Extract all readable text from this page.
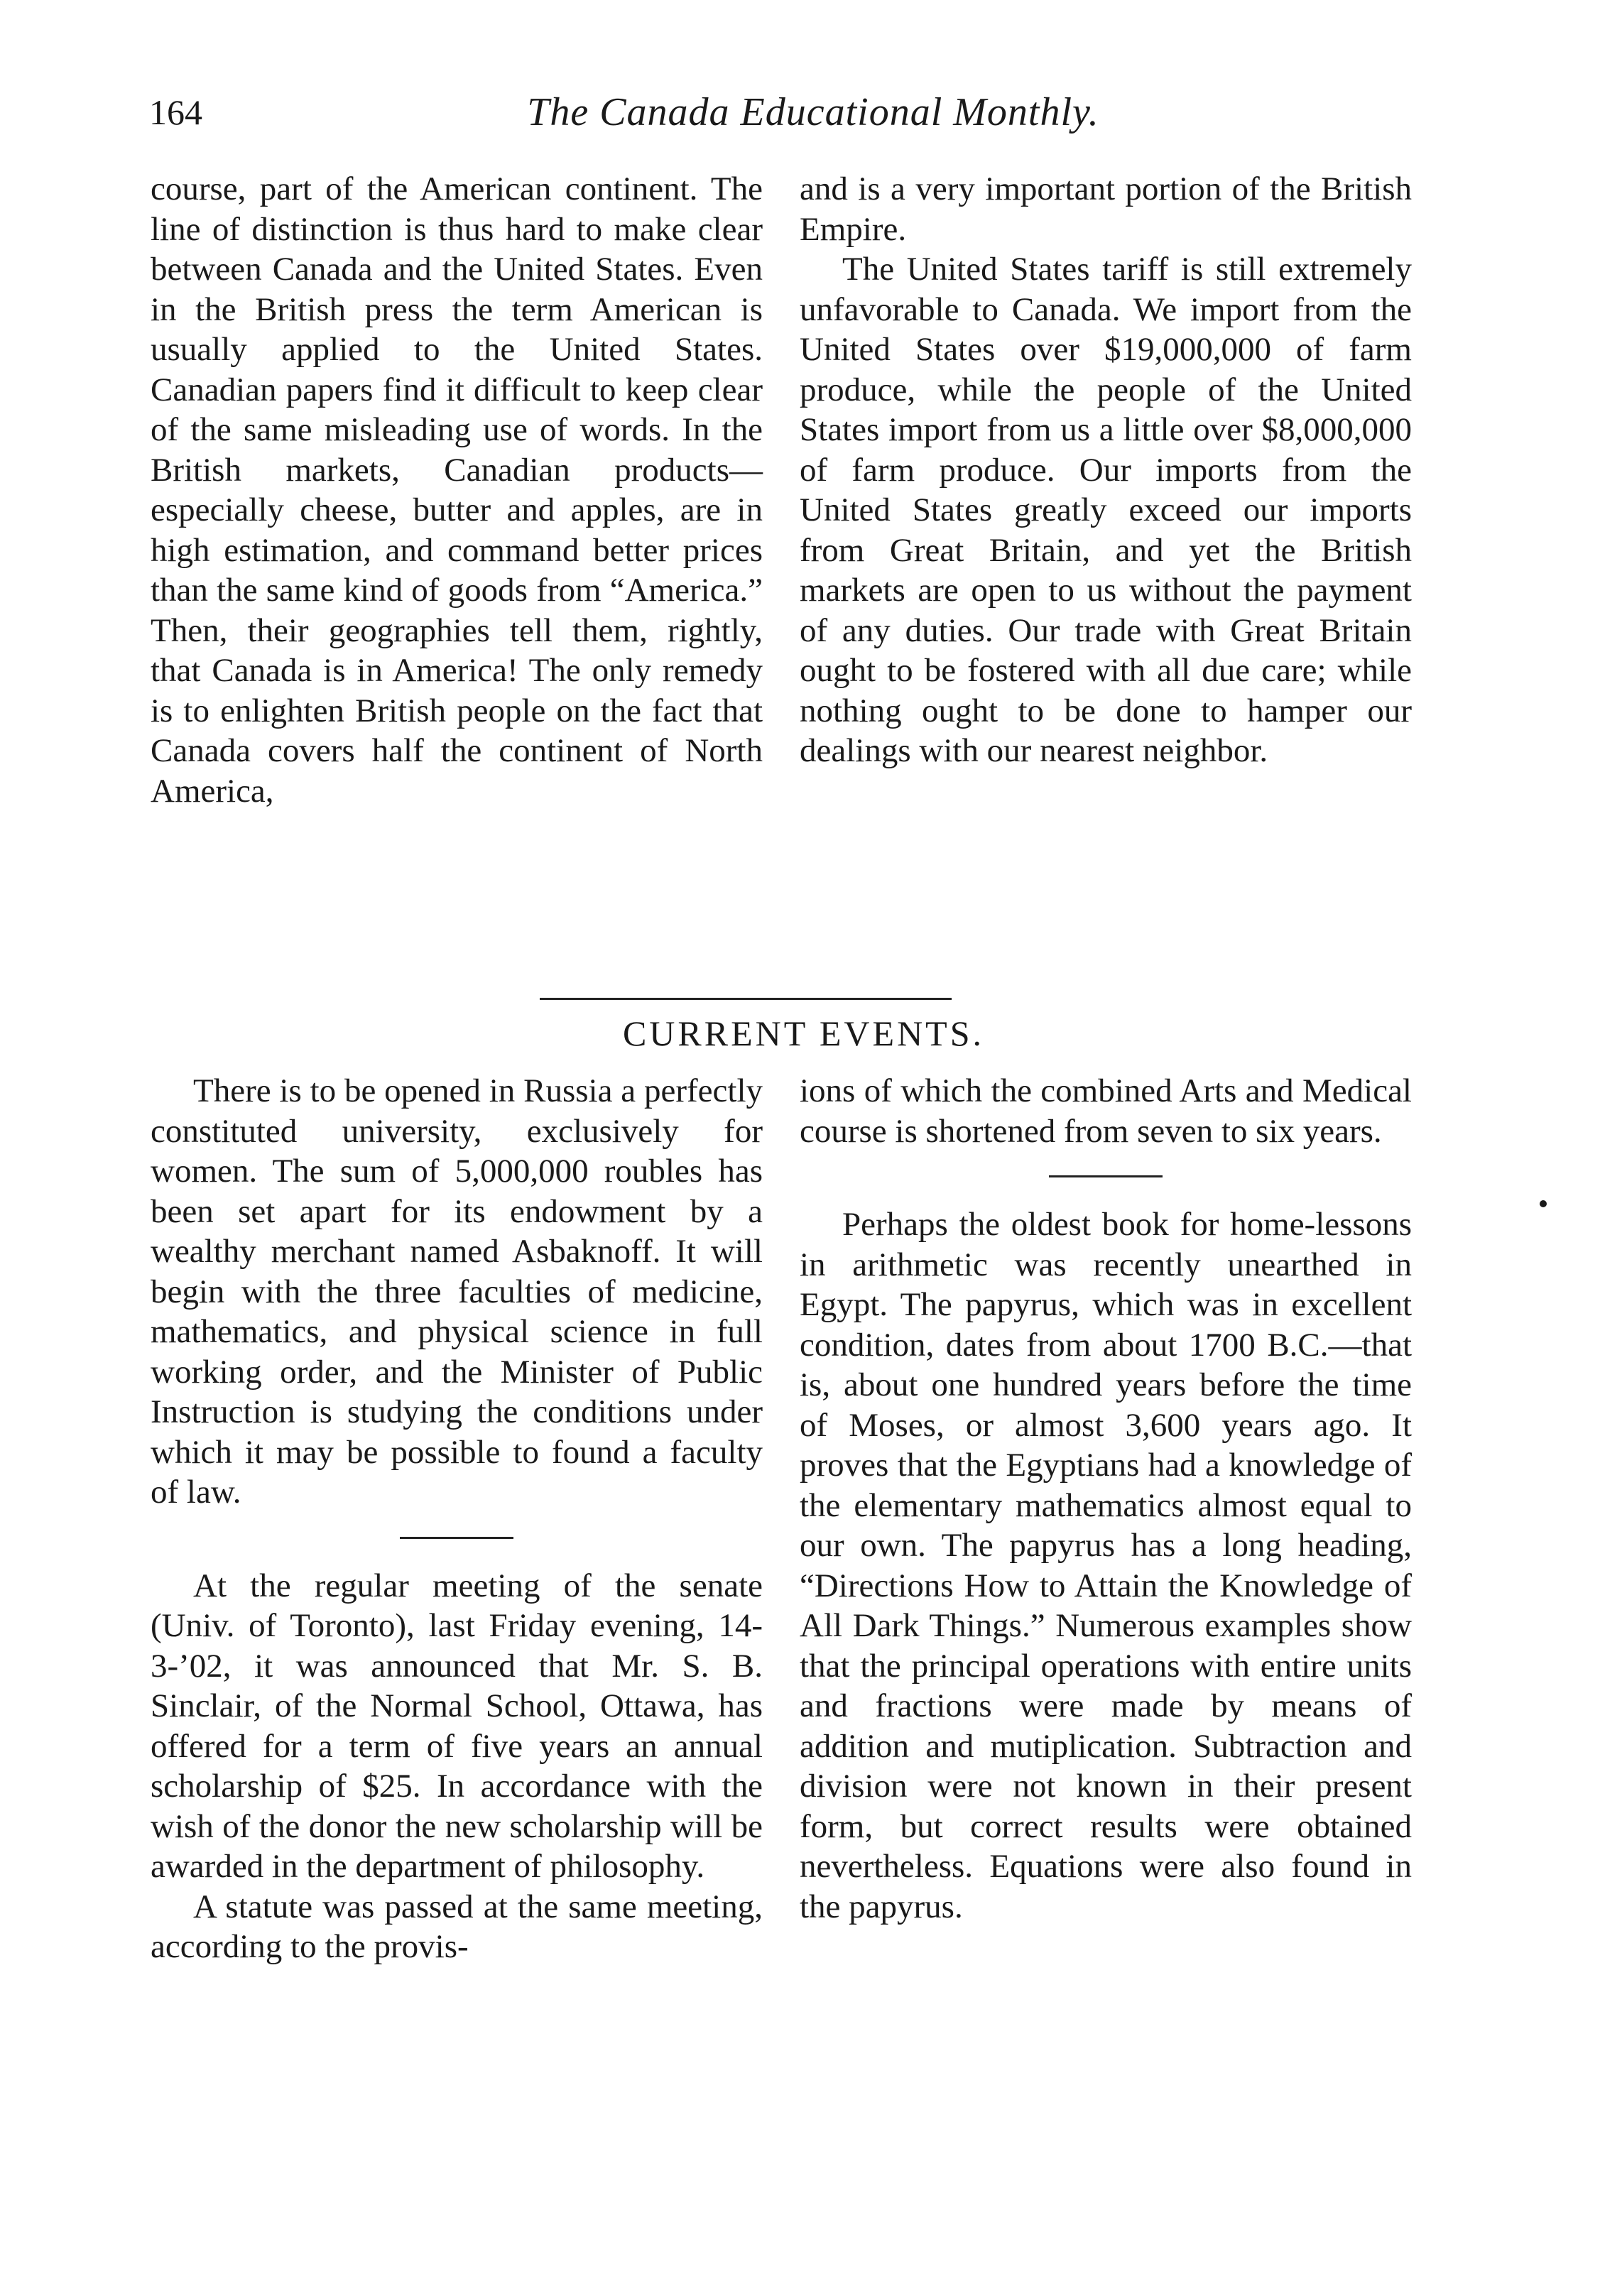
164	The Canada Educational Monthly.

course, part of the American continent. The line of distinction is thus hard to make clear between Canada and the United States. Even in the British press the term American is usually applied to the United States. Canadian papers find it difficult to keep clear of the same misleading use of words. In the British markets, Canadian products—especially cheese, butter and apples, are in high estimation, and command better prices than the same kind of goods from “America.” Then, their geographies tell them, rightly, that Canada is in America! The only remedy is to enlighten British people on the fact that Canada covers half the continent of North America,

and is a very important portion of the British Empire.

The United States tariff is still extremely unfavorable to Canada. We import from the United States over $19,000,000 of farm produce, while the people of the United States import from us a little over $8,000,000 of farm produce. Our imports from the United States greatly exceed our imports from Great Britain, and yet the British markets are open to us without the payment of any duties. Our trade with Great Britain ought to be fostered with all due care; while nothing ought to be done to hamper our dealings with our nearest neighbor.

CURRENT EVENTS.

There is to be opened in Russia a perfectly constituted university, exclusively for women. The sum of 5,000,000 roubles has been set apart for its endowment by a wealthy merchant named Asbaknoff. It will begin with the three faculties of medicine, mathematics, and physical science in full working order, and the Minister of Public Instruction is studying the conditions under which it may be possible to found a faculty of law.

At the regular meeting of the senate (Univ. of Toronto), last Friday evening, 14-3-’02, it was announced that Mr. S. B. Sinclair, of the Normal School, Ottawa, has offered for a term of five years an annual scholarship of $25. In accordance with the wish of the donor the new scholarship will be awarded in the department of philosophy.

A statute was passed at the same meeting, according to the provis-

ions of which the combined Arts and Medical course is shortened from seven to six years.

Perhaps the oldest book for home-lessons in arithmetic was recently unearthed in Egypt. The papyrus, which was in excellent condition, dates from about 1700 B.C.—that is, about one hundred years before the time of Moses, or almost 3,600 years ago. It proves that the Egyptians had a knowledge of the elementary mathematics almost equal to our own. The papyrus has a long heading, “Directions How to Attain the Knowledge of All Dark Things.” Numerous examples show that the principal operations with entire units and fractions were made by means of addition and mutiplication. Subtraction and division were not known in their present form, but correct results were obtained nevertheless. Equations were also found in the papyrus.
